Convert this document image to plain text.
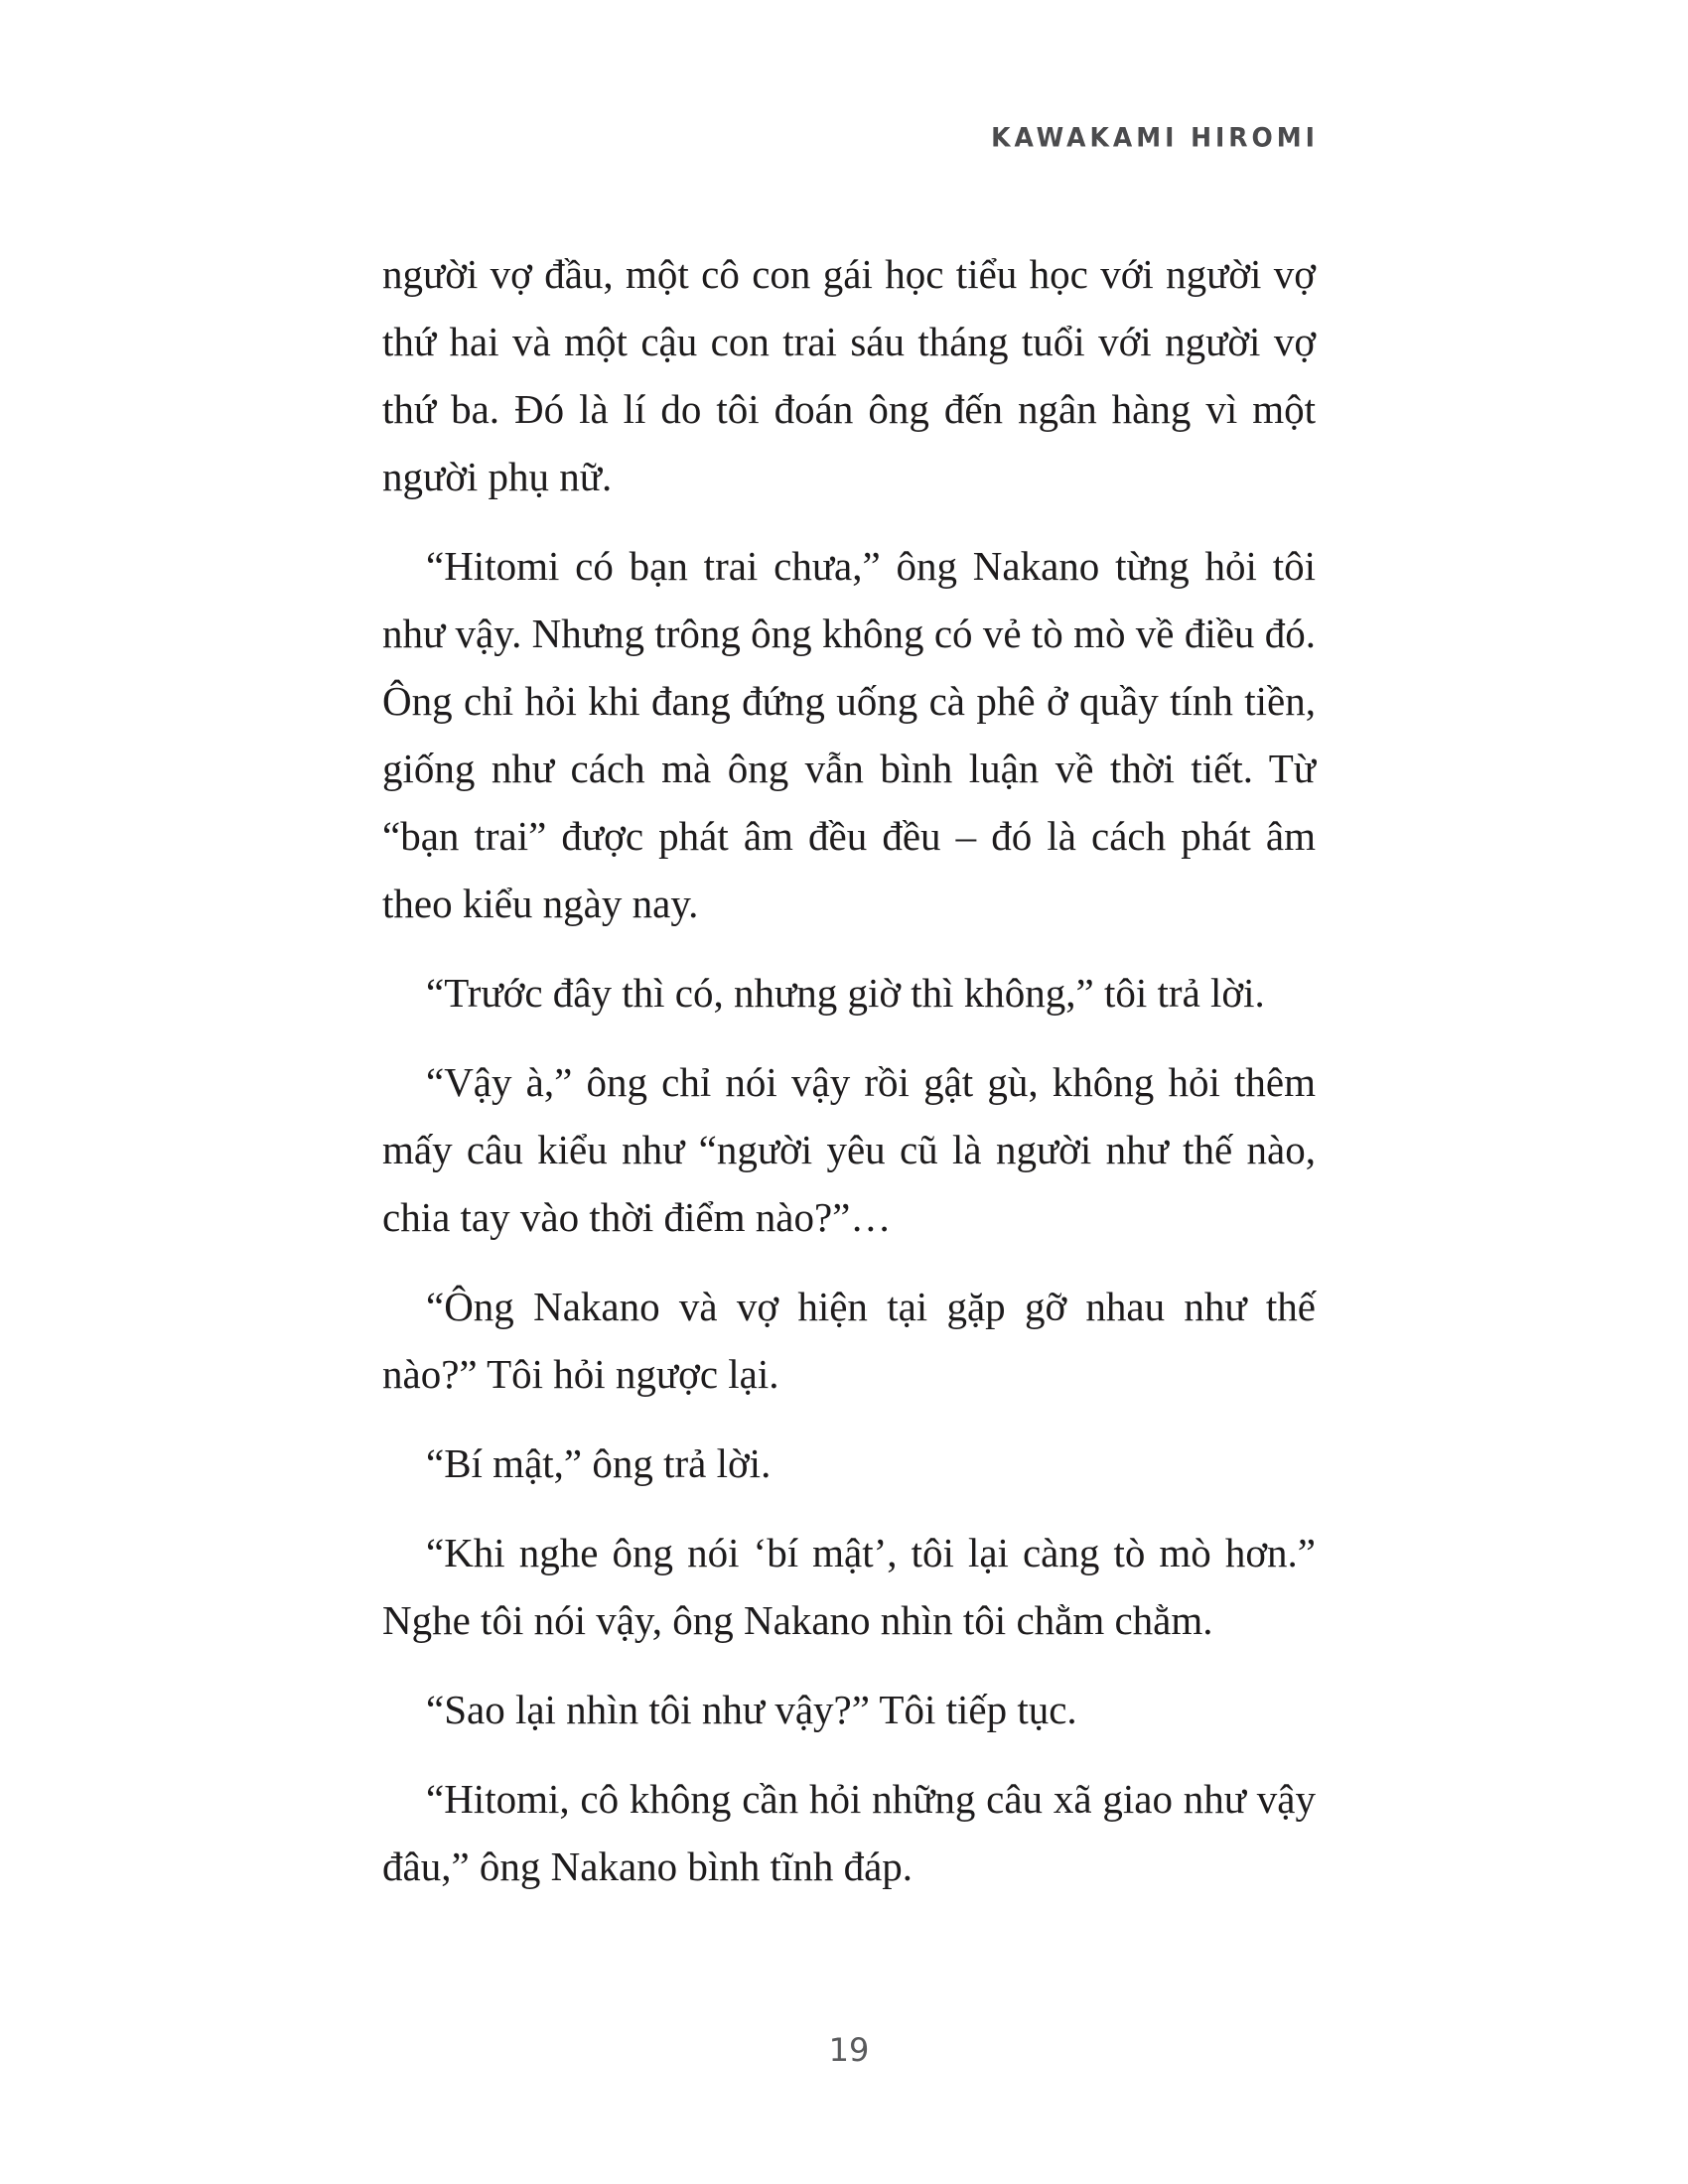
KAWAKAMI HIROMI

người vợ đầu, một cô con gái học tiểu học với người vợ thứ hai và một cậu con trai sáu tháng tuổi với người vợ thứ ba. Đó là lí do tôi đoán ông đến ngân hàng vì một người phụ nữ.

“Hitomi có bạn trai chưa,” ông Nakano từng hỏi tôi như vậy. Nhưng trông ông không có vẻ tò mò về điều đó. Ông chỉ hỏi khi đang đứng uống cà phê ở quầy tính tiền, giống như cách mà ông vẫn bình luận về thời tiết. Từ “bạn trai” được phát âm đều đều – đó là cách phát âm theo kiểu ngày nay.

“Trước đây thì có, nhưng giờ thì không,” tôi trả lời.

“Vậy à,” ông chỉ nói vậy rồi gật gù, không hỏi thêm mấy câu kiểu như “người yêu cũ là người như thế nào, chia tay vào thời điểm nào?”…

“Ông Nakano và vợ hiện tại gặp gỡ nhau như thế nào?” Tôi hỏi ngược lại.

“Bí mật,” ông trả lời.

“Khi nghe ông nói ‘bí mật’, tôi lại càng tò mò hơn.” Nghe tôi nói vậy, ông Nakano nhìn tôi chằm chằm.

“Sao lại nhìn tôi như vậy?” Tôi tiếp tục.

“Hitomi, cô không cần hỏi những câu xã giao như vậy đâu,” ông Nakano bình tĩnh đáp.

19
